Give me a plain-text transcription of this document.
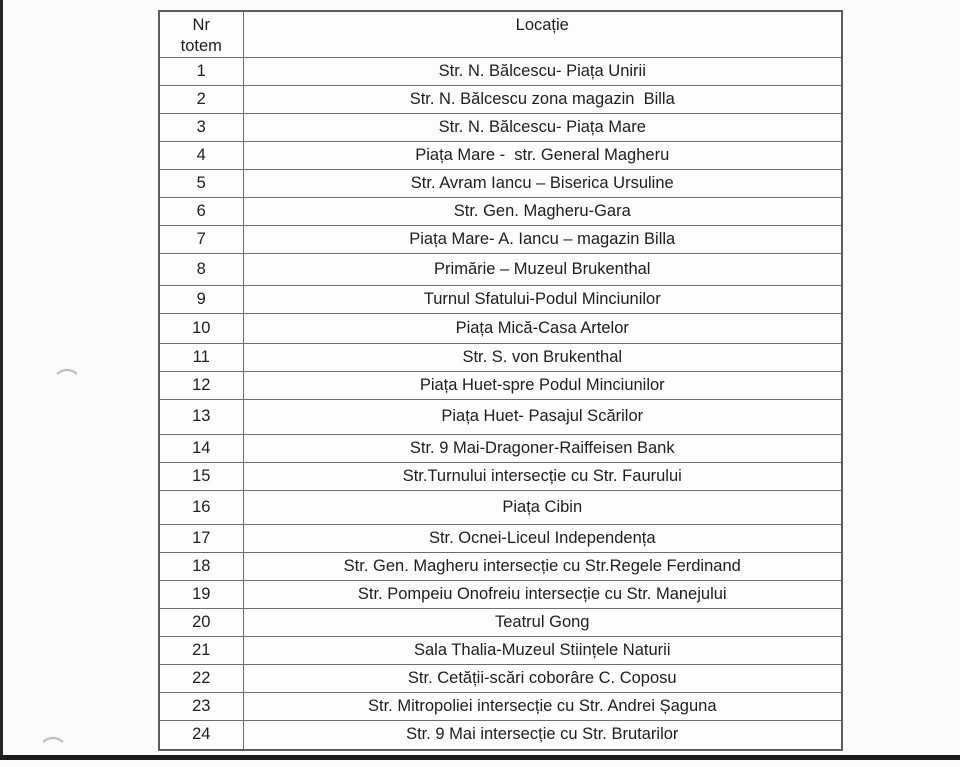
Nr
totem	Locație
1	Str. N. Bălcescu- Piața Unirii
2	Str. N. Bălcescu zona magazin  Billa
3	Str. N. Bălcescu- Piața Mare
4	Piața Mare -  str. General Magheru
5	Str. Avram Iancu – Biserica Ursuline
6	Str. Gen. Magheru-Gara
7	Piața Mare- A. Iancu – magazin Billa
8	Primărie – Muzeul Brukenthal
9	Turnul Sfatului-Podul Minciunilor
10	Piața Mică-Casa Artelor
11	Str. S. von Brukenthal
12	Piața Huet-spre Podul Minciunilor
13	Piața Huet- Pasajul Scărilor
14	Str. 9 Mai-Dragoner-Raiffeisen Bank
15	Str.Turnului intersecție cu Str. Faurului
16	Piața Cibin
17	Str. Ocnei-Liceul Independența
18	Str. Gen. Magheru intersecție cu Str.Regele Ferdinand
19	Str. Pompeiu Onofreiu intersecție cu Str. Manejului
20	Teatrul Gong
21	Sala Thalia-Muzeul Stiințele Naturii
22	Str. Cetății-scări coborâre C. Coposu
23	Str. Mitropoliei intersecție cu Str. Andrei Șaguna
24	Str. 9 Mai intersecție cu Str. Brutarilor
